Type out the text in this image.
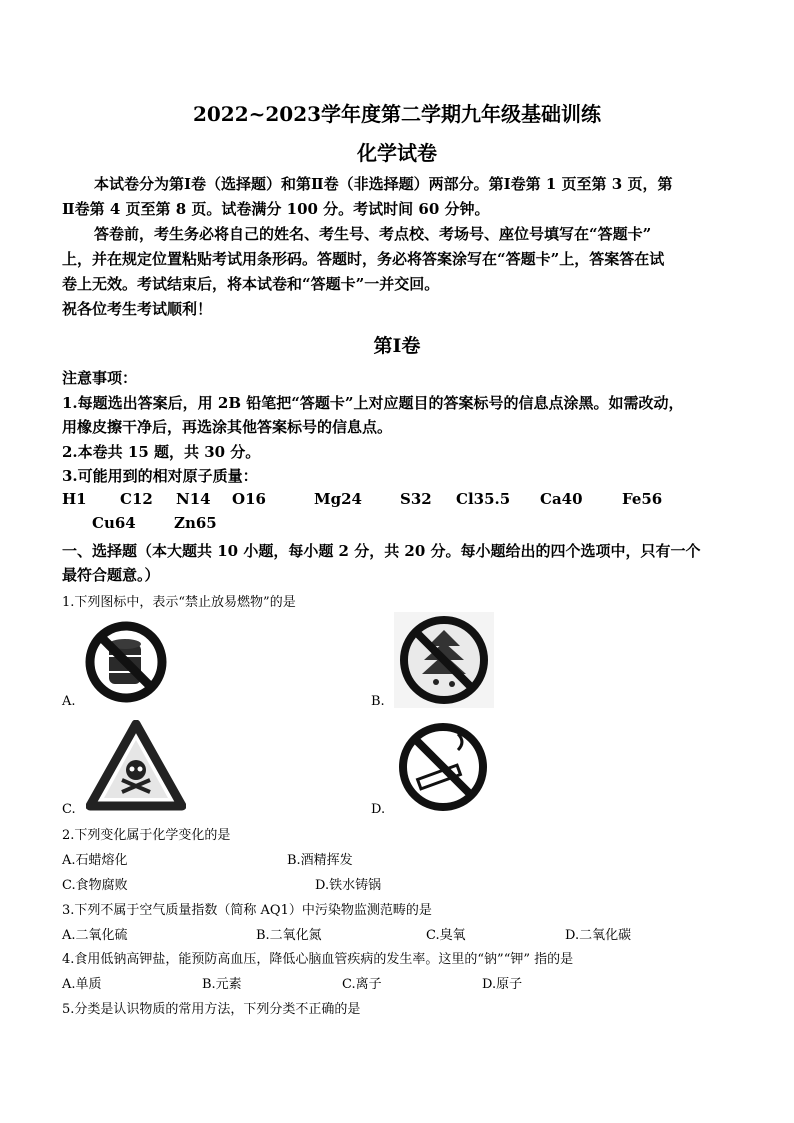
2022~2023学年度第二学期九年级基础训练
化学试卷
本试卷分为第Ⅰ卷（选择题）和第Ⅱ卷（非选择题）两部分。第Ⅰ卷第 1 页至第 3 页，第
Ⅱ卷第 4 页至第 8 页。试卷满分 100 分。考试时间 60 分钟。
答卷前，考生务必将自己的姓名、考生号、考点校、考场号、座位号填写在“答题卡”
上，并在规定位置粘贴考试用条形码。答题时，务必将答案涂写在“答题卡”上，答案答在试
卷上无效。考试结束后，将本试卷和“答题卡”一并交回。
祝各位考生考试顺利！
第Ⅰ卷
注意事项：
1.每题选出答案后，用 2B 铅笔把“答题卡”上对应题目的答案标号的信息点涂黑。如需改动，
用橡皮擦干净后，再选涂其他答案标号的信息点。
2.本卷共 15 题，共 30 分。
3.可能用到的相对原子质量：
H1 C12 N14 O16	Mg24	S32 Cl35.5 Ca40	Fe56
Cu64	Zn65
一、选择题（本大题共 10 小题，每小题 2 分，共 20 分。每小题给出的四个选项中，只有一个
最符合题意。）
1.下列图标中，表示“禁止放易燃物”的是
A.	B.
C.	D.
2.下列变化属于化学变化的是
A.石蜡熔化	B.酒精挥发
C.食物腐败	D.铁水铸锅
3.下列不属于空气质量指数（简称 AQ1）中污染物监测范畴的是
A.二氧化硫	B.二氧化氮	C.臭氧	D.二氧化碳
4.食用低钠高钾盐，能预防高血压，降低心脑血管疾病的发生率。这里的“钠”“钾” 指的是
A.单质	B.元素	C.离子	D.原子
5.分类是认识物质的常用方法，下列分类不正确的是
